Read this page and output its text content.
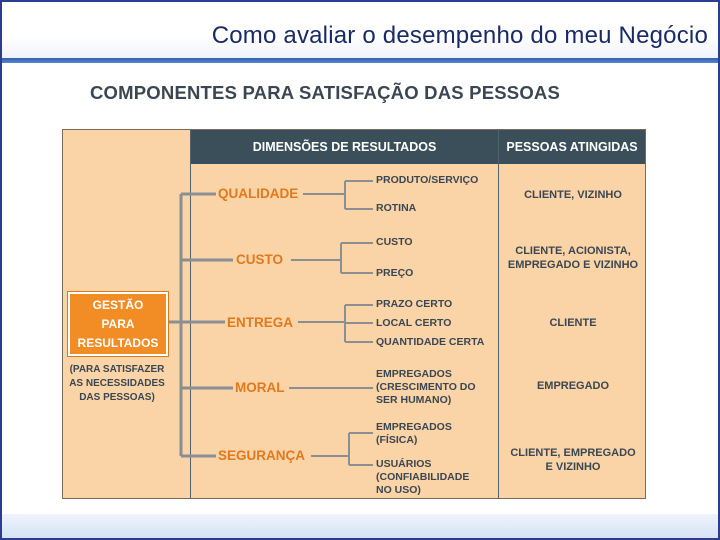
Como avaliar o desempenho do meu Negócio
COMPONENTES PARA SATISFAÇÃO DAS PESSOAS
DIMENSÕES DE RESULTADOS	PESSOAS ATINGIDAS
GESTÃO
PARA
RESULTADOS
(PARA SATISFAZER
AS NECESSIDADES
DAS PESSOAS)
QUALIDADE
CUSTO
ENTREGA
MORAL
SEGURANÇA
PRODUTO/SERVIÇO
ROTINA
CUSTO
PREÇO
PRAZO CERTO
LOCAL CERTO
QUANTIDADE CERTA
EMPREGADOS
(CRESCIMENTO DO
SER HUMANO)
EMPREGADOS
(FÍSICA)
USUÁRIOS
(CONFIABILIDADE
NO USO)
CLIENTE, VIZINHO
CLIENTE, ACIONISTA,
EMPREGADO E VIZINHO
CLIENTE
EMPREGADO
CLIENTE, EMPREGADO
E VIZINHO
